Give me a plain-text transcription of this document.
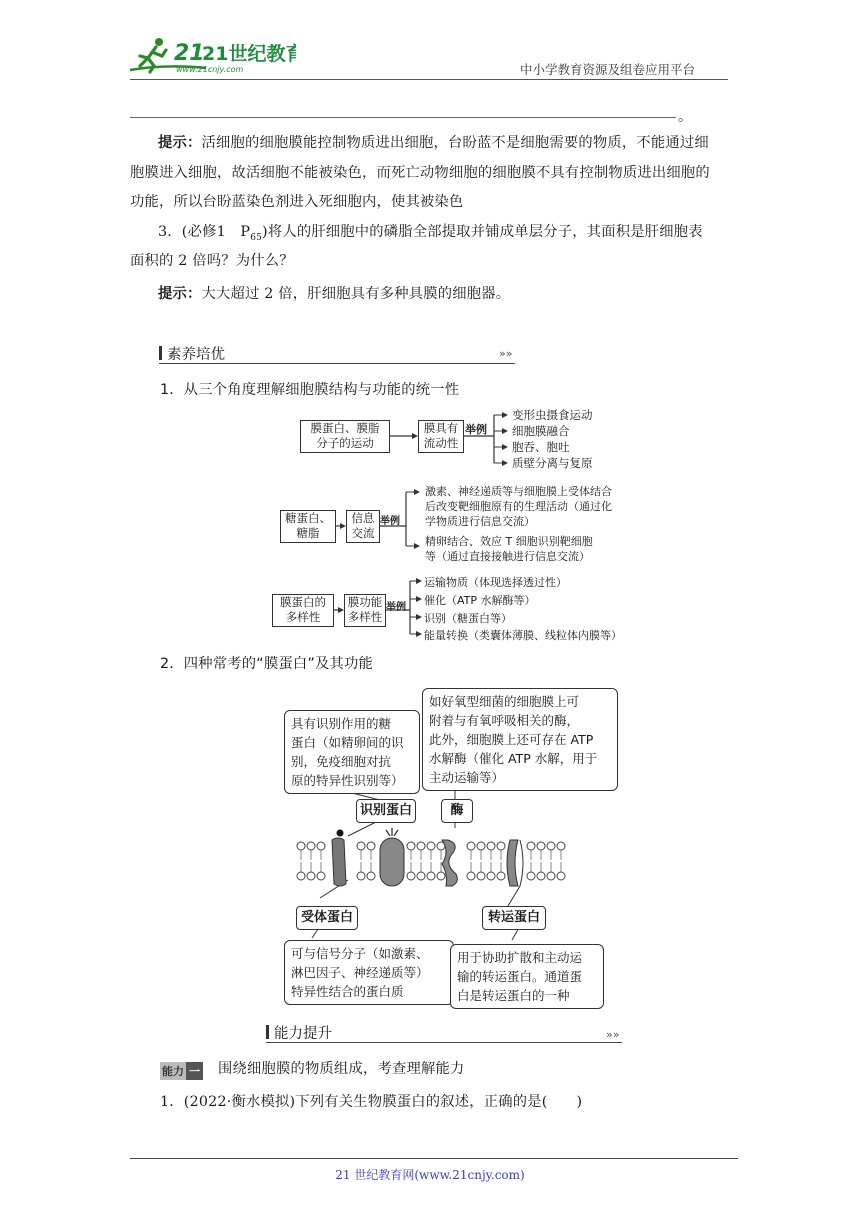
21
21世纪教育
www.21cnjy.com	中小学教育资源及组卷应用平台
。

提示：活细胞的细胞膜能控制物质进出细胞，台盼蓝不是细胞需要的物质，不能通过细

胞膜进入细胞，故活细胞不能被染色，而死亡动物细胞的细胞膜不具有控制物质进出细胞的

功能，所以台盼蓝染色剂进入死细胞内，使其被染色

3．(必修1　$P_{65}$)将人的肝细胞中的磷脂全部提取并铺成单层分子，其面积是肝细胞表

面积的 2 倍吗？为什么？

提示：大大超过 2 倍，肝细胞具有多种具膜的细胞器。

素养培优	»»

1．从三个角度理解细胞膜结构与功能的统一性

膜蛋白、膜脂
分子的运动
膜具有
流动性
举例
变形虫摄食运动
细胞膜融合
胞吞、胞吐
质壁分离与复原
糖蛋白、
糖脂
信息
交流
举例
激素、神经递质等与细胞膜上受体结合
后改变靶细胞原有的生理活动（通过化
学物质进行信息交流）
精卵结合、效应 T 细胞识别靶细胞
等（通过直接接触进行信息交流）
膜蛋白的
多样性
膜功能
多样性
举例
运输物质（体现选择透过性）
催化（ATP 水解酶等）
识别（糖蛋白等）
能量转换（类囊体薄膜、线粒体内膜等）

2．四种常考的“膜蛋白”及其功能

具有识别作用的糖
蛋白（如精卵间的识
别，免疫细胞对抗
原的特异性识别等）
如好氧型细菌的细胞膜上可
附着与有氧呼吸相关的酶，
此外，细胞膜上还可存在 ATP
水解酶（催化 ATP 水解，用于
主动运输等）
识别蛋白	酶
受体蛋白	转运蛋白
可与信号分子（如激素、
淋巴因子、神经递质等）
特异性结合的蛋白质
用于协助扩散和主动运
输的转运蛋白。通道蛋
白是转运蛋白的一种
能力提升	»»
能力 一 围绕细胞膜的物质组成，考查理解能力

1．(2022·衡水模拟)下列有关生物膜蛋白的叙述，正确的是(　　)

21 世纪教育网(www.21cnjy.com)
